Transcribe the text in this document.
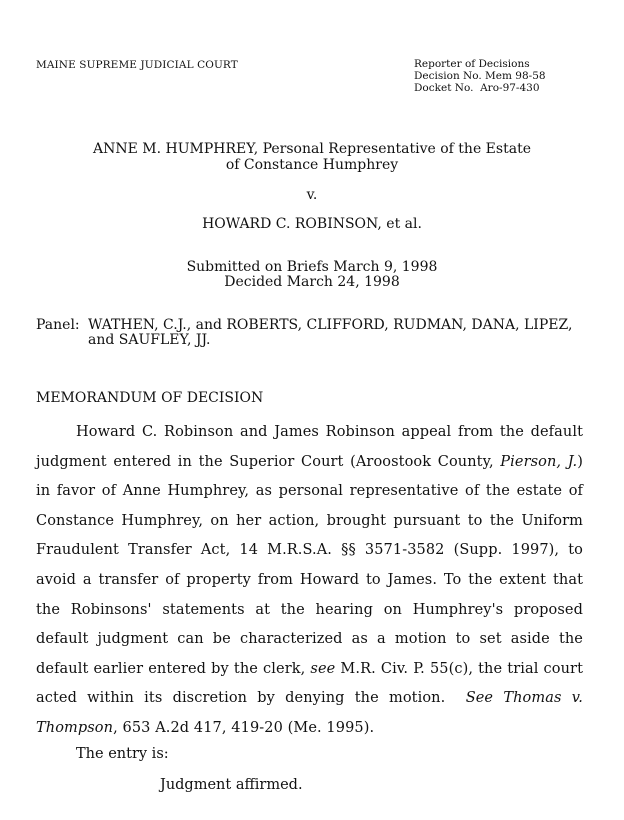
MAINE SUPREME JUDICIAL COURT	Reporter of Decisions
Decision No. Mem 98-58
Docket No.  Aro-97-430
ANNE M. HUMPHREY, Personal Representative of the Estate
of Constance Humphrey
v.
HOWARD C. ROBINSON, et al.
Submitted on Briefs March 9, 1998
Decided March 24, 1998
Panel: WATHEN, C.J., and ROBERTS, CLIFFORD, RUDMAN, DANA, LIPEZ,
and SAUFLEY, JJ.
MEMORANDUM OF DECISION
Howard C. Robinson and James Robinson appeal from the default judgment entered in the Superior Court (Aroostook County, Pierson, J.) in favor of Anne Humphrey, as personal representative of the estate of Constance Humphrey, on her action, brought pursuant to the Uniform Fraudulent Transfer Act, 14 M.R.S.A. §§ 3571-3582 (Supp. 1997), to avoid a transfer of property from Howard to James. To the extent that the Robinsons' statements at the hearing on Humphrey's proposed default judgment can be characterized as a motion to set aside the default earlier entered by the clerk, see M.R. Civ. P. 55(c), the trial court acted within its discretion by denying the motion.  See Thomas v. Thompson, 653 A.2d 417, 419-20 (Me. 1995).
The entry is:
Judgment affirmed.
